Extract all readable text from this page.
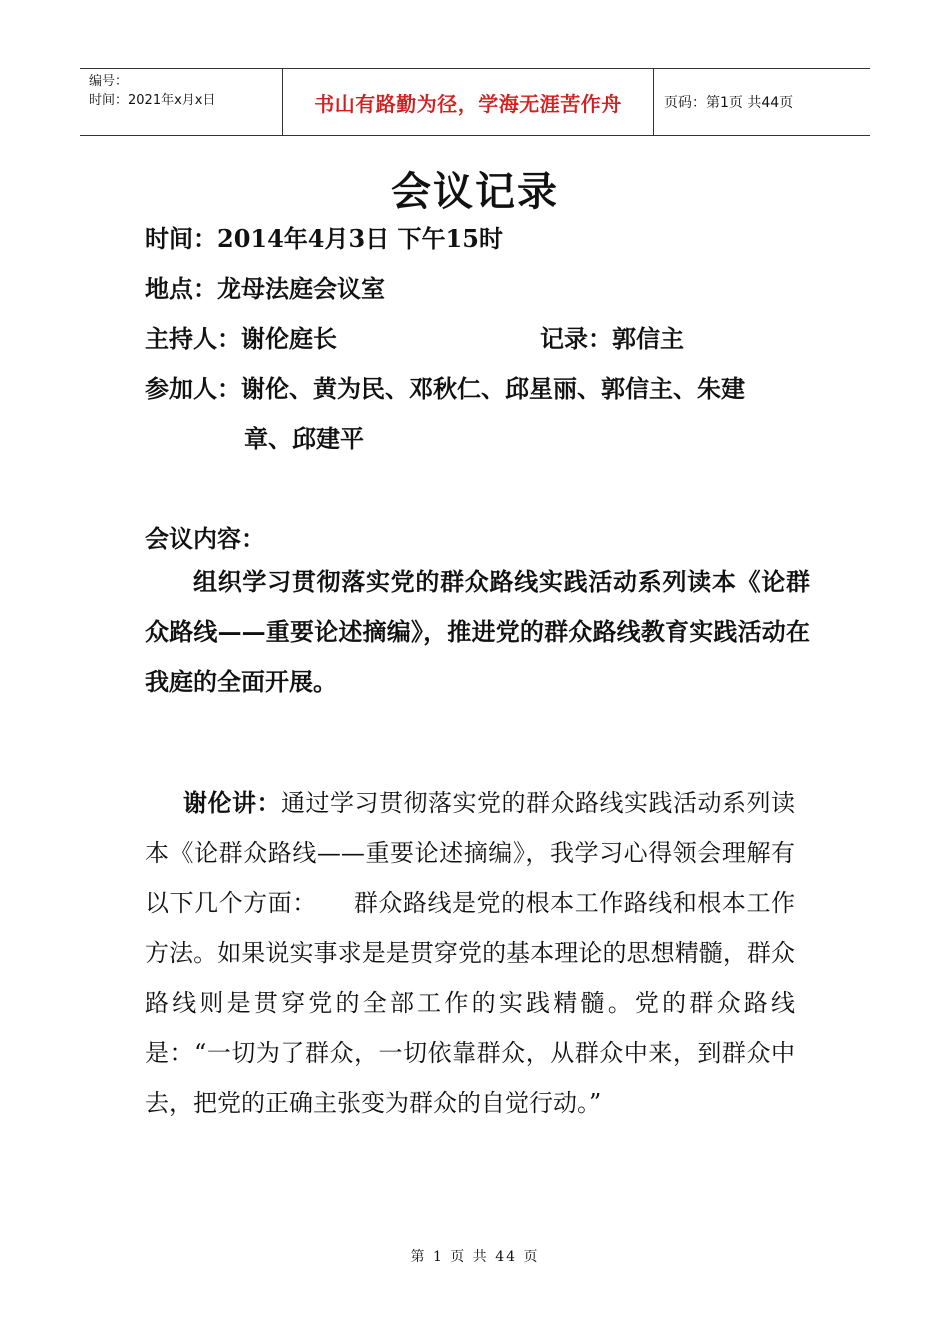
编号：
时间：2021年x月x日	书山有路勤为径，学海无涯苦作舟	页码：第1页 共44页
会议记录
时间：2014年4月3日 下午15时
地点：龙母法庭会议室
主持人：谢伦庭长	记录：郭信主
参加人：谢伦、黄为民、邓秋仁、邱星丽、郭信主、朱建
章、邱建平
会议内容：
组织学习贯彻落实党的群众路线实践活动系列读本《论群众路线——重要论述摘编》，推进党的群众路线教育实践活动在我庭的全面开展。
谢伦讲：通过学习贯彻落实党的群众路线实践活动系列读本《论群众路线——重要论述摘编》，我学习心得领会理解有以下几个方面：　　群众路线是党的根本工作路线和根本工作方法。如果说实事求是是贯穿党的基本理论的思想精髓，群众路线则是贯穿党的全部工作的实践精髓。党的群众路线是：“一切为了群众，一切依靠群众，从群众中来，到群众中去，把党的正确主张变为群众的自觉行动。”
第 1 页 共 44 页
